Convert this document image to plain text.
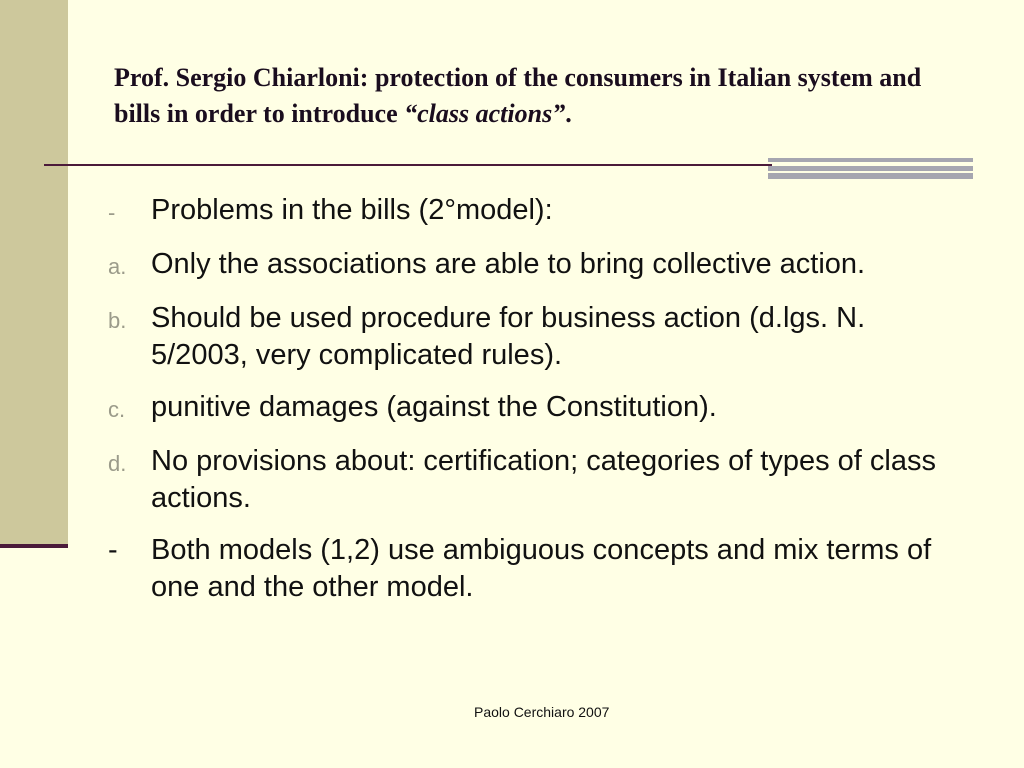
Prof. Sergio Chiarloni: protection of the consumers in Italian system and bills in order to introduce “class actions”.
-	Problems in the bills (2°model):
a. Only the associations are able to bring collective action.
b. Should be used procedure for business action (d.lgs. N. 5/2003, very complicated rules).
c. punitive damages (against the Constitution).
d. No provisions about: certification; categories of types of class actions.
-	Both models (1,2) use ambiguous concepts and mix terms of one and the other model.
Paolo Cerchiaro 2007
